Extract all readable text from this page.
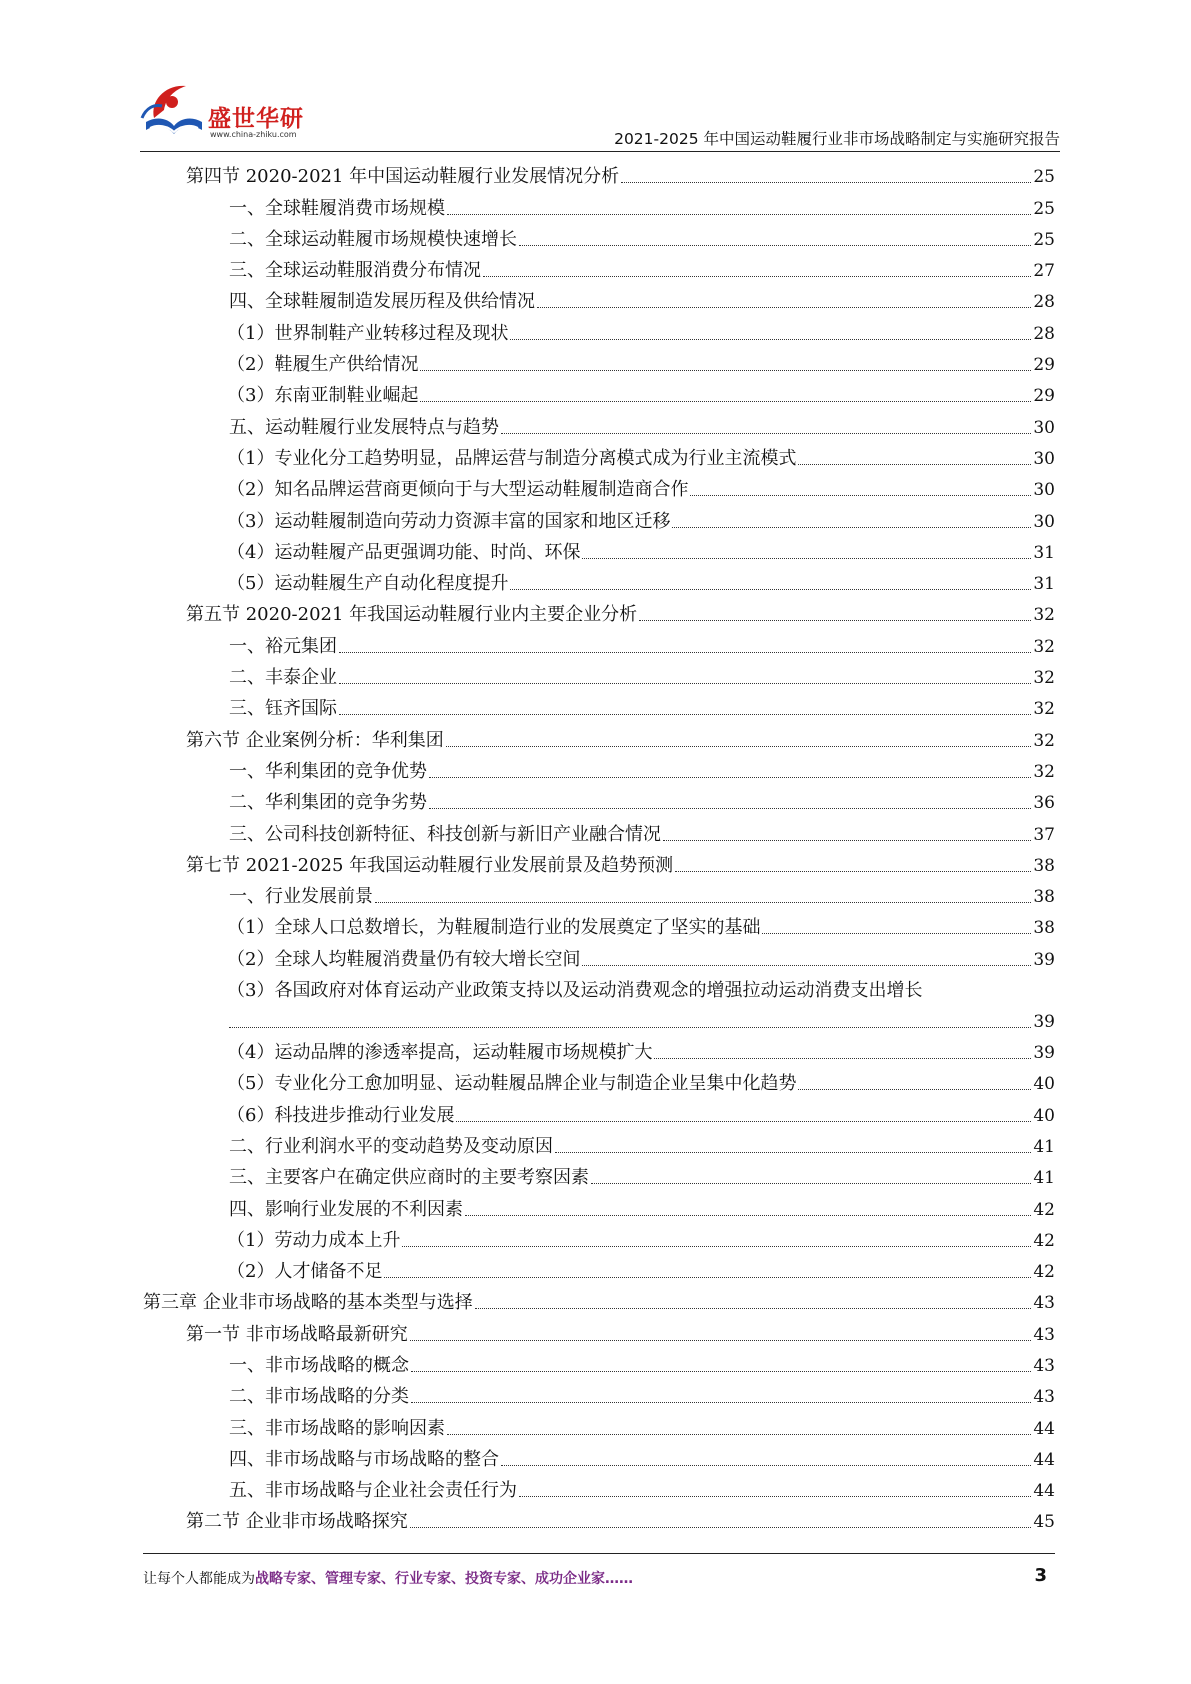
盛世华研
www.china-zhiku.com	2021-2025 年中国运动鞋履行业非市场战略制定与实施研究报告
第四节 2020-2021 年中国运动鞋履行业发展情况分析	25
一、全球鞋履消费市场规模	25
二、全球运动鞋履市场规模快速增长	25
三、全球运动鞋服消费分布情况	27
四、全球鞋履制造发展历程及供给情况	28
（1）世界制鞋产业转移过程及现状	28
（2）鞋履生产供给情况	29
（3）东南亚制鞋业崛起	29
五、运动鞋履行业发展特点与趋势	30
（1）专业化分工趋势明显，品牌运营与制造分离模式成为行业主流模式	30
（2）知名品牌运营商更倾向于与大型运动鞋履制造商合作	30
（3）运动鞋履制造向劳动力资源丰富的国家和地区迁移	30
（4）运动鞋履产品更强调功能、时尚、环保	31
（5）运动鞋履生产自动化程度提升	31
第五节 2020-2021 年我国运动鞋履行业内主要企业分析	32
一、裕元集团	32
二、丰泰企业	32
三、钰齐国际	32
第六节 企业案例分析：华利集团	32
一、华利集团的竞争优势	32
二、华利集团的竞争劣势	36
三、公司科技创新特征、科技创新与新旧产业融合情况	37
第七节 2021-2025 年我国运动鞋履行业发展前景及趋势预测	38
一、行业发展前景	38
（1）全球人口总数增长，为鞋履制造行业的发展奠定了坚实的基础	38
（2）全球人均鞋履消费量仍有较大增长空间	39
（3）各国政府对体育运动产业政策支持以及运动消费观念的增强拉动运动消费支出增长
39
（4）运动品牌的渗透率提高，运动鞋履市场规模扩大	39
（5）专业化分工愈加明显、运动鞋履品牌企业与制造企业呈集中化趋势	40
（6）科技进步推动行业发展	40
二、行业利润水平的变动趋势及变动原因	41
三、主要客户在确定供应商时的主要考察因素	41
四、影响行业发展的不利因素	42
（1）劳动力成本上升	42
（2）人才储备不足	42
第三章 企业非市场战略的基本类型与选择	43
第一节 非市场战略最新研究	43
一、非市场战略的概念	43
二、非市场战略的分类	43
三、非市场战略的影响因素	44
四、非市场战略与市场战略的整合	44
五、非市场战略与企业社会责任行为	44
第二节 企业非市场战略探究	45
让每个人都能成为战略专家、管理专家、行业专家、投资专家、成功企业家……	3
